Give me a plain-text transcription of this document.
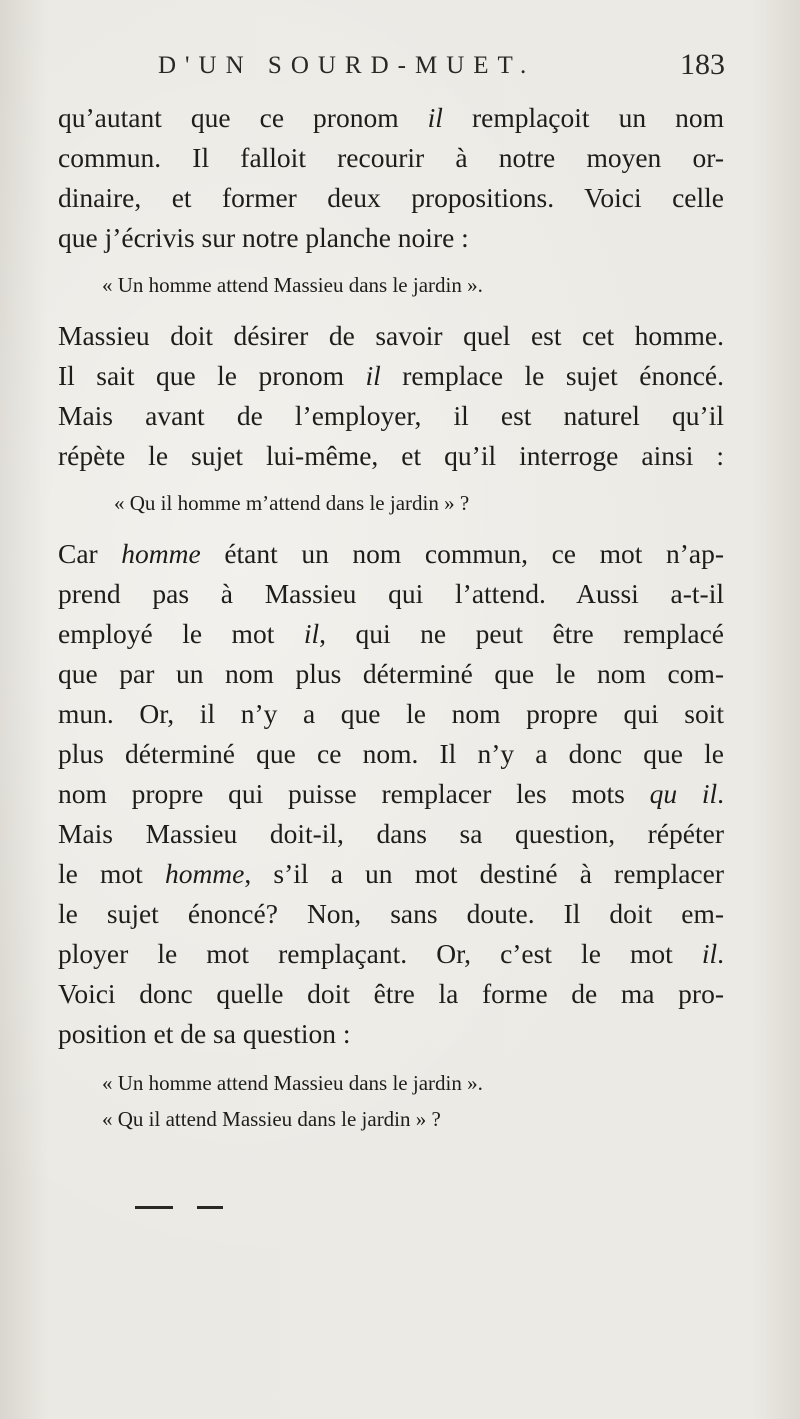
D'UN SOURD-MUET.	183
qu’autant que ce pronom il remplaçoit un nom
commun. Il falloit recourir à notre moyen or-
dinaire, et former deux propositions. Voici celle
que j’écrivis sur notre planche noire :
« Un homme attend Massieu dans le jardin ».
Massieu doit désirer de savoir quel est cet homme.
Il sait que le pronom il remplace le sujet énoncé.
Mais avant de l’employer, il est naturel qu’il
répète le sujet lui-même, et qu’il interroge ainsi :
« Qu il homme m’attend dans le jardin » ?
Car homme étant un nom commun, ce mot n’ap-
prend pas à Massieu qui l’attend. Aussi a-t-il
employé le mot il, qui ne peut être remplacé
que par un nom plus déterminé que le nom com-
mun. Or, il n’y a que le nom propre qui soit
plus déterminé que ce nom. Il n’y a donc que le
nom propre qui puisse remplacer les mots qu il.
Mais Massieu doit-il, dans sa question, répéter
le mot homme, s’il a un mot destiné à remplacer
le sujet énoncé? Non, sans doute. Il doit em-
ployer le mot remplaçant. Or, c’est le mot il.
Voici donc quelle doit être la forme de ma pro-
position et de sa question :
« Un homme attend Massieu dans le jardin ».
« Qu il attend Massieu dans le jardin » ?
